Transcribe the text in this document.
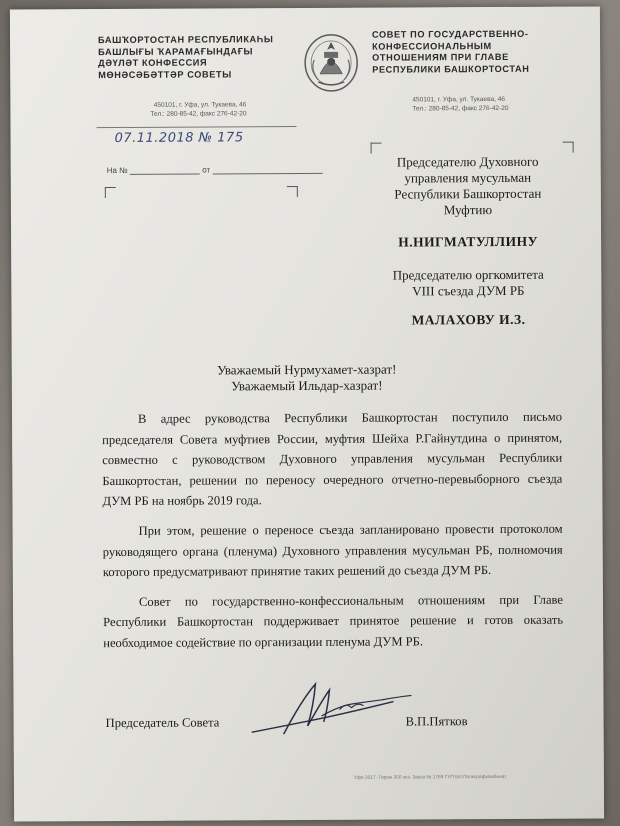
БАШҠОРТОСТАН РЕСПУБЛИКАҺЫ
БАШЛЫҒЫ ҠАРАМАҒЫНДАҒЫ
ДӘҮЛӘТ КОНФЕССИЯ
МӨНӘСӘБӘТТӘР СОВЕТЫ
СОВЕТ ПО ГОСУДАРСТВЕННО-
КОНФЕССИОНАЛЬНЫМ
ОТНОШЕНИЯМ ПРИ ГЛАВЕ
РЕСПУБЛИКИ БАШКОРТОСТАН
450101, г. Уфа, ул. Тукаева, 46
Тел.: 280-85-42, факс 276-42-20
450101, г. Уфа, ул. Тукаева, 46
Тел.: 280-85-42, факс 276-42-20
07.11.2018 № 175
На №	от
Председателю Духовного
управления мусульман
Республики Башкортостан
Муфтию
Н.НИГМАТУЛЛИНУ
Председателю оргкомитета
VIII съезда ДУМ РБ
МАЛАХОВУ И.З.
Уважаемый Нурмухамет-хазрат!
Уважаемый Ильдар-хазрат!

В адрес руководства Республики Башкортостан поступило письмо председателя Совета муфтиев России, муфтия Шейха Р.Гайнутдина о принятом, совместно с руководством Духовного управления мусульман Республики Башкортостан, решении по переносу очередного отчетно-перевыборного съезда ДУМ РБ на ноябрь 2019 года.

При этом, решение о переносе съезда запланировано провести протоколом руководящего органа (пленума) Духовного управления мусульман РБ, полномочия которого предусматривают принятие таких решений до съезда ДУМ РБ.

Совет по государственно-конфессиональным отношениям при Главе Республики Башкортостан поддерживает принятое решение и готов оказать необходимое содействие по организации пленума ДУМ РБ.

Председатель Совета	В.П.Пятков
Уфа 2017. Тираж 300 экз. Заказ № 1769 ГУП БИ Полиграфкомбинат
